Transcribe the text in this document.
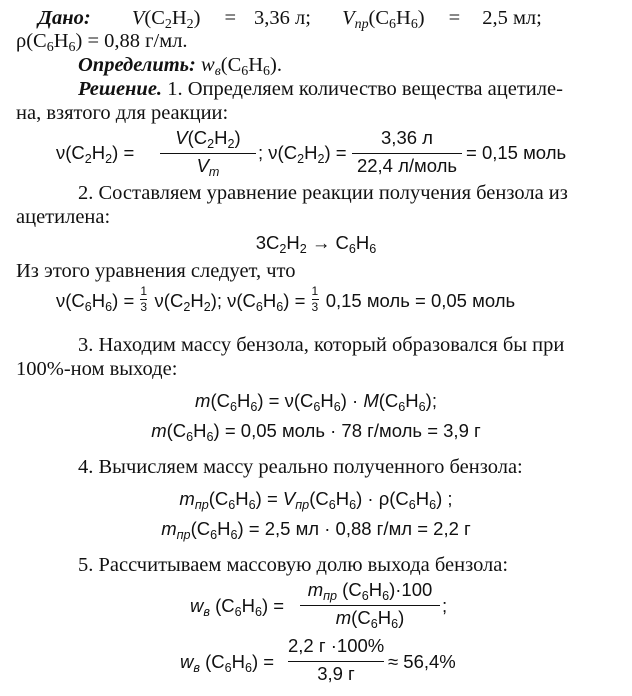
Дано: $V(C_2H_2) = 3,36$ л; $V_{пр}(C_6H_6) = 2,5$ мл;
$\rho(C_6H_6) = 0,88$ г/мл.
Определить: $w_в(C_6H_6)$.
Решение. 1. Определяем количество вещества ацетиле-
на, взятого для реакции:
$\nu(C_2H_2)$ =
$V(C_2H_2)$
$V_m$
; $\nu(C_2H_2)$ =
3,36 л
22,4 л/моль
= 0,15 моль
2. Составляем уравнение реакции получения бензола из
ацетилена:
$3C_2H_2 \to C_6H_6$
Из этого уравнения следует, что
$\nu(C_6H_6) = \frac{1}{3} \nu(C_2H_2)$; $\nu(C_6H_6) = \frac{1}{3} 0,15$ моль = 0,05 моль
3. Находим массу бензола, который образовался бы при
100%-ном выходе:
$m(C_6H_6) = \nu(C_6H_6) \cdot M(C_6H_6)$;
$m(C_6H_6) = 0,05$ моль · 78 г/моль = 3,9 г
4. Вычисляем массу реально полученного бензола:
$m_{пр}(C_6H_6) = V_{пр}(C_6H_6) \cdot \rho(C_6H_6)$ ;
$m_{пр}(C_6H_6) = 2,5$ мл · 0,88 г/мл = 2,2 г
5. Рассчитываем массовую долю выхода бензола:
$w_в$ $(C_6H_6)$ =
$m_{пр}$ $(C_6H_6)\cdot 100$
$m(C_6H_6)$
;
$w_в$ $(C_6H_6)$ =
2,2 г ·100%
3,9 г
≈ 56,4%
